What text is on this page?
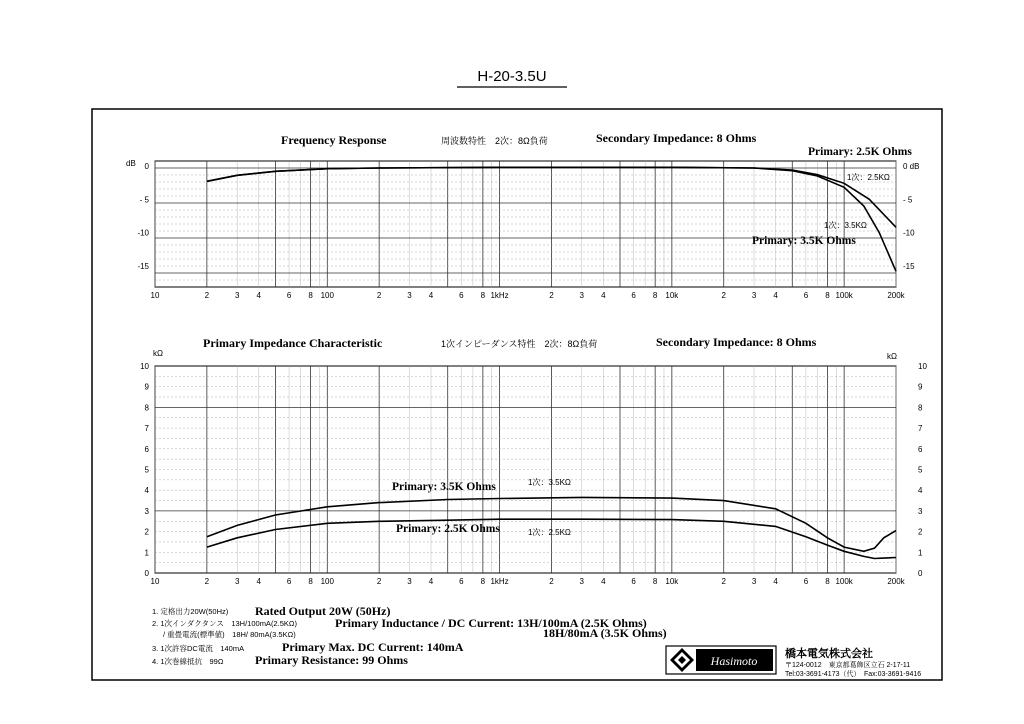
H-20-3.5U
Frequency Response	周波数特性　2次：8Ω負荷	Secondary Impedance: 8 Ohms
dB
10	2	3 4	6 8 100	2	3 4	6 8 1kHz	2	3 4	6 8 10k	2	3 4	6 8 100k	200k
0	0 dB
- 5	- 5
-10	-10
-15	-15
Primary: 2.5K Ohms
1次：2.5KΩ
1次：3.5KΩ
Primary: 3.5K Ohms
Primary Impedance Characteristic	1次インピーダンス特性　2次：8Ω負荷	Secondary Impedance: 8 Ohms
kΩ	kΩ
10	2	3 4	6 8 100	2	3 4	6 8 1kHz	2	3 4	6 8 10k	2	3 4	6 8 100k	200k
0	0
1	1
2	2
3	3
4	4
5	5
6	6
7	7
8	8
9	9
10	10
Primary: 3.5K Ohms	1次：3.5KΩ
Primary: 2.5K Ohms	1次：2.5KΩ
1. 定格出力20W(50Hz) Rated Output 20W (50Hz)
2. 1次インダクタンス　13H/100mA(2.5KΩ)	Primary Inductance / DC Current: 13H/100mA (2.5K Ohms)
/ 重畳電流(標準値)　18H/ 80mA(3.5KΩ)	18H/80mA (3.5K Ohms)
3. 1次許容DC電流　140mA	Primary Max. DC Current: 140mA
4. 1次巻線抵抗　99Ω	Primary Resistance: 99 Ohms	Hasimoto	橋本電気株式会社
〒124-0012　東京都葛飾区立石 2-17-11
Tel:03-3691-4173（代）　Fax:03-3691-9416
